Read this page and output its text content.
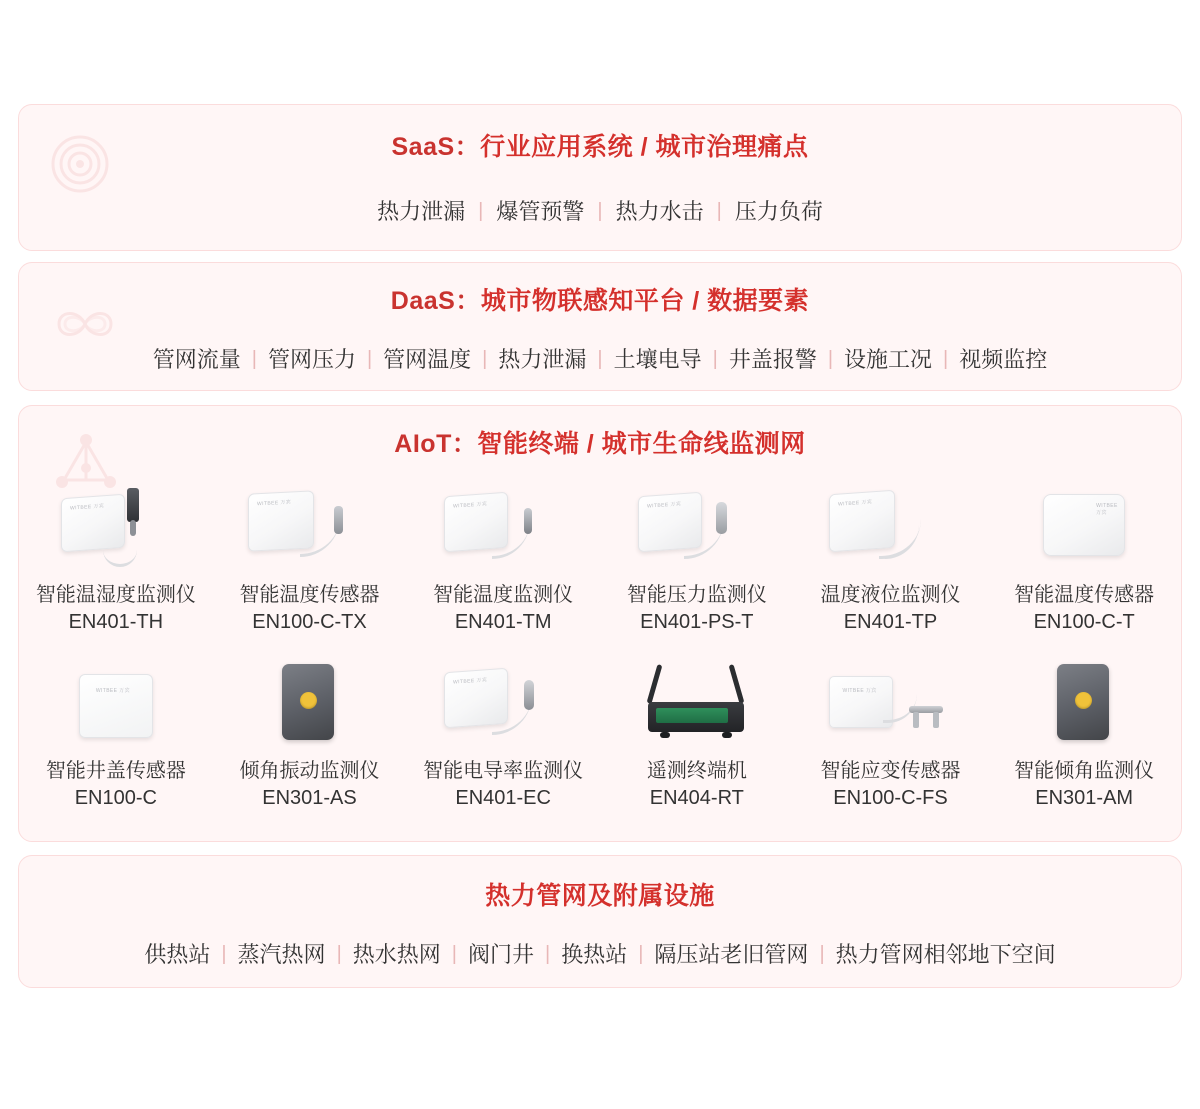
SaaS：行业应用系统 / 城市治理痛点
热力泄漏 | 爆管预警 | 热力水击 | 压力负荷
DaaS：城市物联感知平台 / 数据要素
管网流量 | 管网压力 | 管网温度 | 热力泄漏 | 土壤电导 | 井盖报警 | 设施工况 | 视频监控
AIoT：智能终端 / 城市生命线监测网
WITBEE 万宾
智能温湿度监测仪
EN401-TH
WITBEE 万宾
智能温度传感器
EN100-C-TX
WITBEE 万宾
智能温度监测仪
EN401-TM
WITBEE 万宾
智能压力监测仪
EN401-PS-T
WITBEE 万宾
温度液位监测仪
EN401-TP
WITBEE 万宾
智能温度传感器
EN100-C-T
WITBEE 万宾
智能井盖传感器
EN100-C
倾角振动监测仪
EN301-AS
WITBEE 万宾
智能电导率监测仪
EN401-EC
遥测终端机
EN404-RT
WITBEE 万宾
智能应变传感器
EN100-C-FS
智能倾角监测仪
EN301-AM
热力管网及附属设施
供热站 | 蒸汽热网 | 热水热网 | 阀门井 | 换热站 | 隔压站老旧管网 | 热力管网相邻地下空间
